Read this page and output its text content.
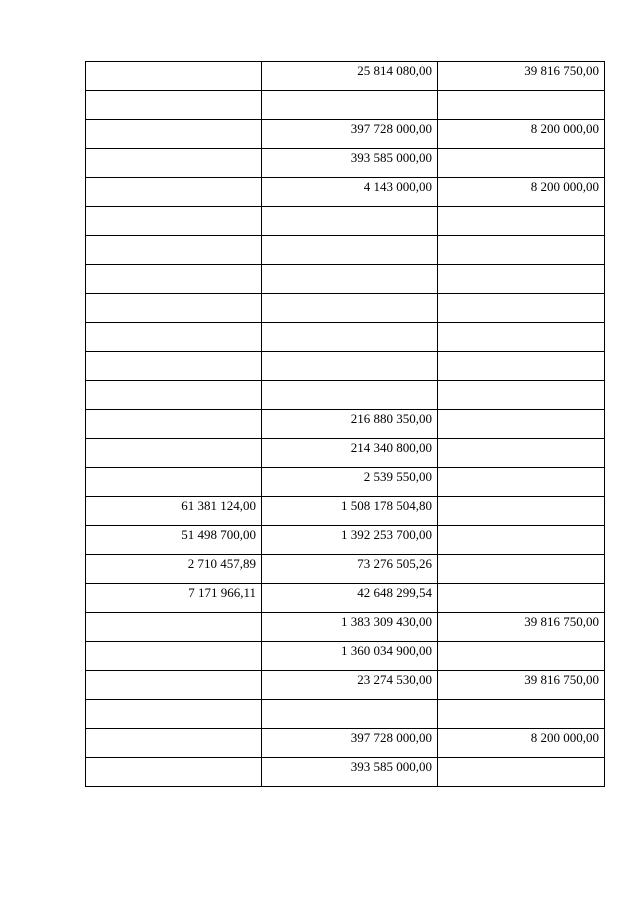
	25 814 080,00	39 816 750,00

	397 728 000,00	8 200 000,00
	393 585 000,00	
	4 143 000,00	8 200 000,00

	216 880 350,00	
	214 340 800,00	
	2 539 550,00	
61 381 124,00	1 508 178 504,80	
51 498 700,00	1 392 253 700,00	
2 710 457,89	73 276 505,26	
7 171 966,11	42 648 299,54	
	1 383 309 430,00	39 816 750,00
	1 360 034 900,00	
	23 274 530,00	39 816 750,00

	397 728 000,00	8 200 000,00
	393 585 000,00	
